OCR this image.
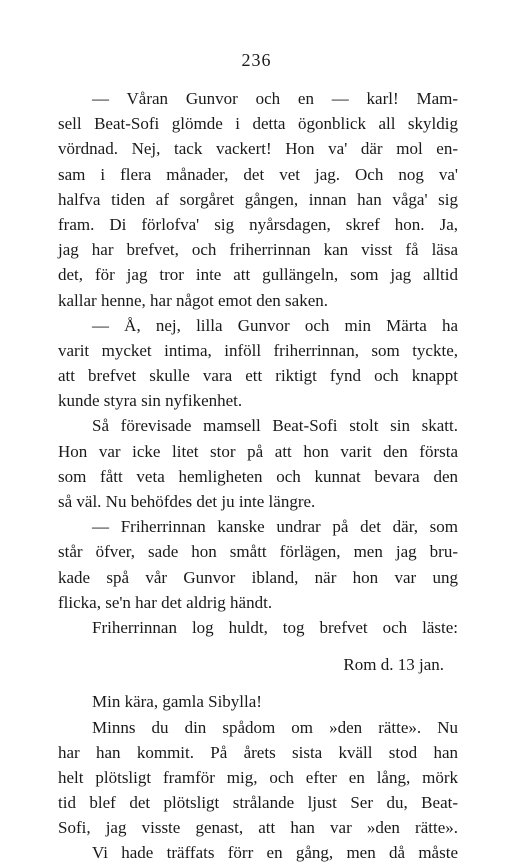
236
— Våran Gunvor och en — karl! Mam-
sell Beat-Sofi glömde i detta ögonblick all skyldig
vördnad. Nej, tack vackert! Hon va' där mol en-
sam i flera månader, det vet jag. Och nog va'
halfva tiden af sorgåret gången, innan han våga' sig
fram. Di förlofva' sig nyårsdagen, skref hon. Ja,
jag har brefvet, och friherrinnan kan visst få läsa
det, för jag tror inte att gullängeln, som jag alltid
kallar henne, har något emot den saken.
— Å, nej, lilla Gunvor och min Märta ha
varit mycket intima, inföll friherrinnan, som tyckte,
att brefvet skulle vara ett riktigt fynd och knappt
kunde styra sin nyfikenhet.
Så förevisade mamsell Beat-Sofi stolt sin skatt.
Hon var icke litet stor på att hon varit den första
som fått veta hemligheten och kunnat bevara den
så väl. Nu behöfdes det ju inte längre.
— Friherrinnan kanske undrar på det där, som
står öfver, sade hon smått förlägen, men jag bru-
kade spå vår Gunvor ibland, när hon var ung
flicka, se'n har det aldrig händt.
Friherrinnan log huldt, tog brefvet och läste:
Rom d. 13 jan.
Min kära, gamla Sibylla!
Minns du din spådom om »den rätte». Nu
har han kommit. På årets sista kväll stod han
helt plötsligt framför mig, och efter en lång, mörk
tid blef det plötsligt strålande ljust Ser du, Beat-
Sofi, jag visste genast, att han var »den rätte».
Vi hade träffats förr en gång, men då måste
